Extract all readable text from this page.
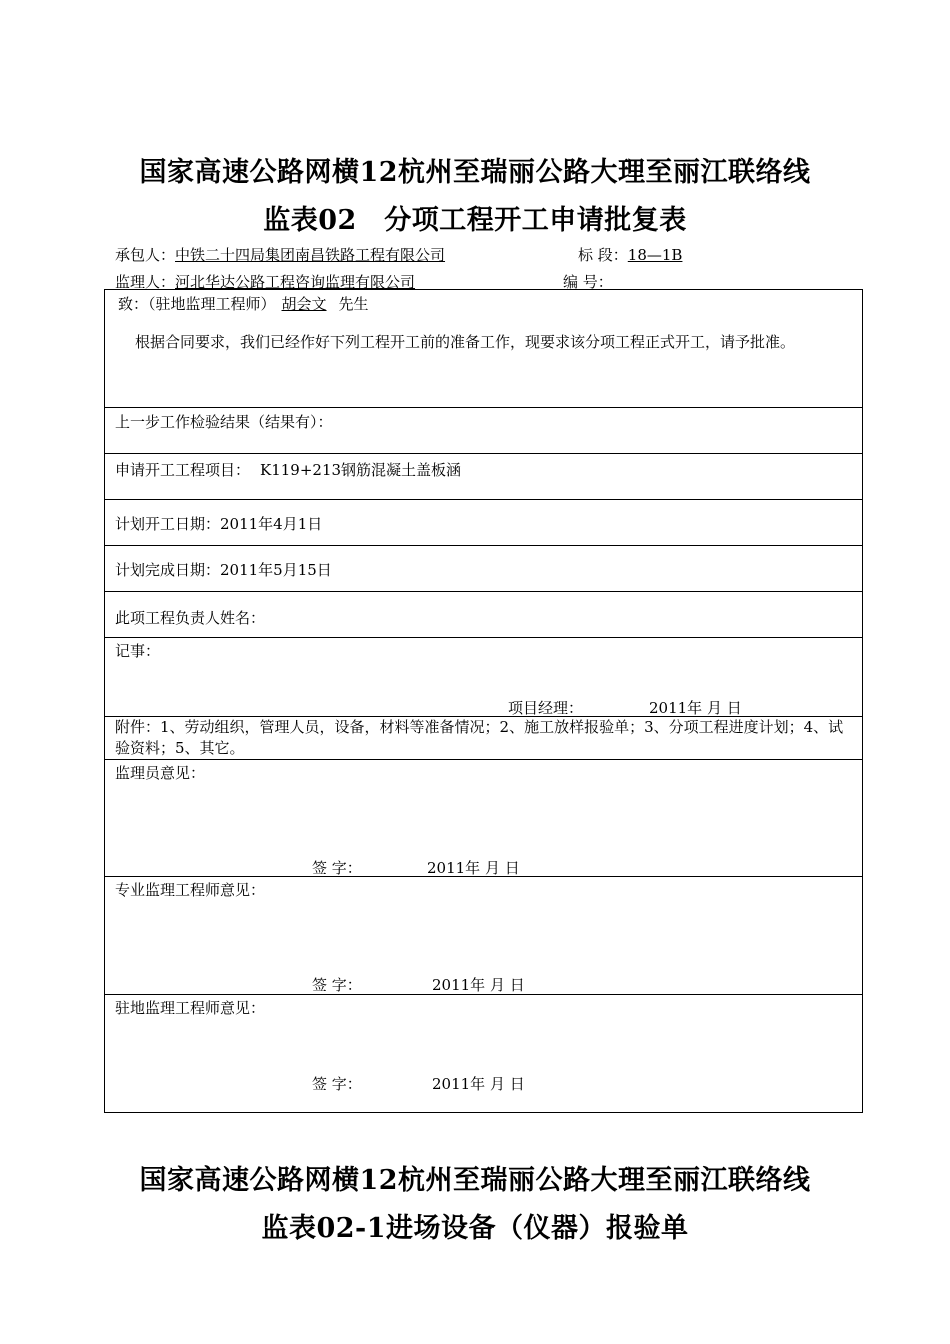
国家高速公路网横12杭州至瑞丽公路大理至丽江联络线
监表02　分项工程开工申请批复表
承包人：中铁二十四局集团南昌铁路工程有限公司	标 段：18—1B
监理人：河北华达公路工程咨询监理有限公司	编 号：
致：（驻地监理工程师） 胡会文 先生
根据合同要求，我们已经作好下列工程开工前的准备工作，现要求该分项工程正式开工，请予批准。
上一步工作检验结果（结果有）：
申请开工工程项目： K119+213钢筋混凝土盖板涵
计划开工日期：2011年4月1日
计划完成日期：2011年5月15日
此项工程负责人姓名：
记事：
项目经理：	2011年 月 日
附件：1、劳动组织，管理人员，设备，材料等准备情况；2、施工放样报验单；3、分项工程进度计划；4、试验资料；5、其它。
监理员意见：
签 字：	2011年 月 日
专业监理工程师意见：
签 字：	2011年 月 日
驻地监理工程师意见：
签 字：	2011年 月 日
国家高速公路网横12杭州至瑞丽公路大理至丽江联络线
监表02-1进场设备（仪器）报验单
